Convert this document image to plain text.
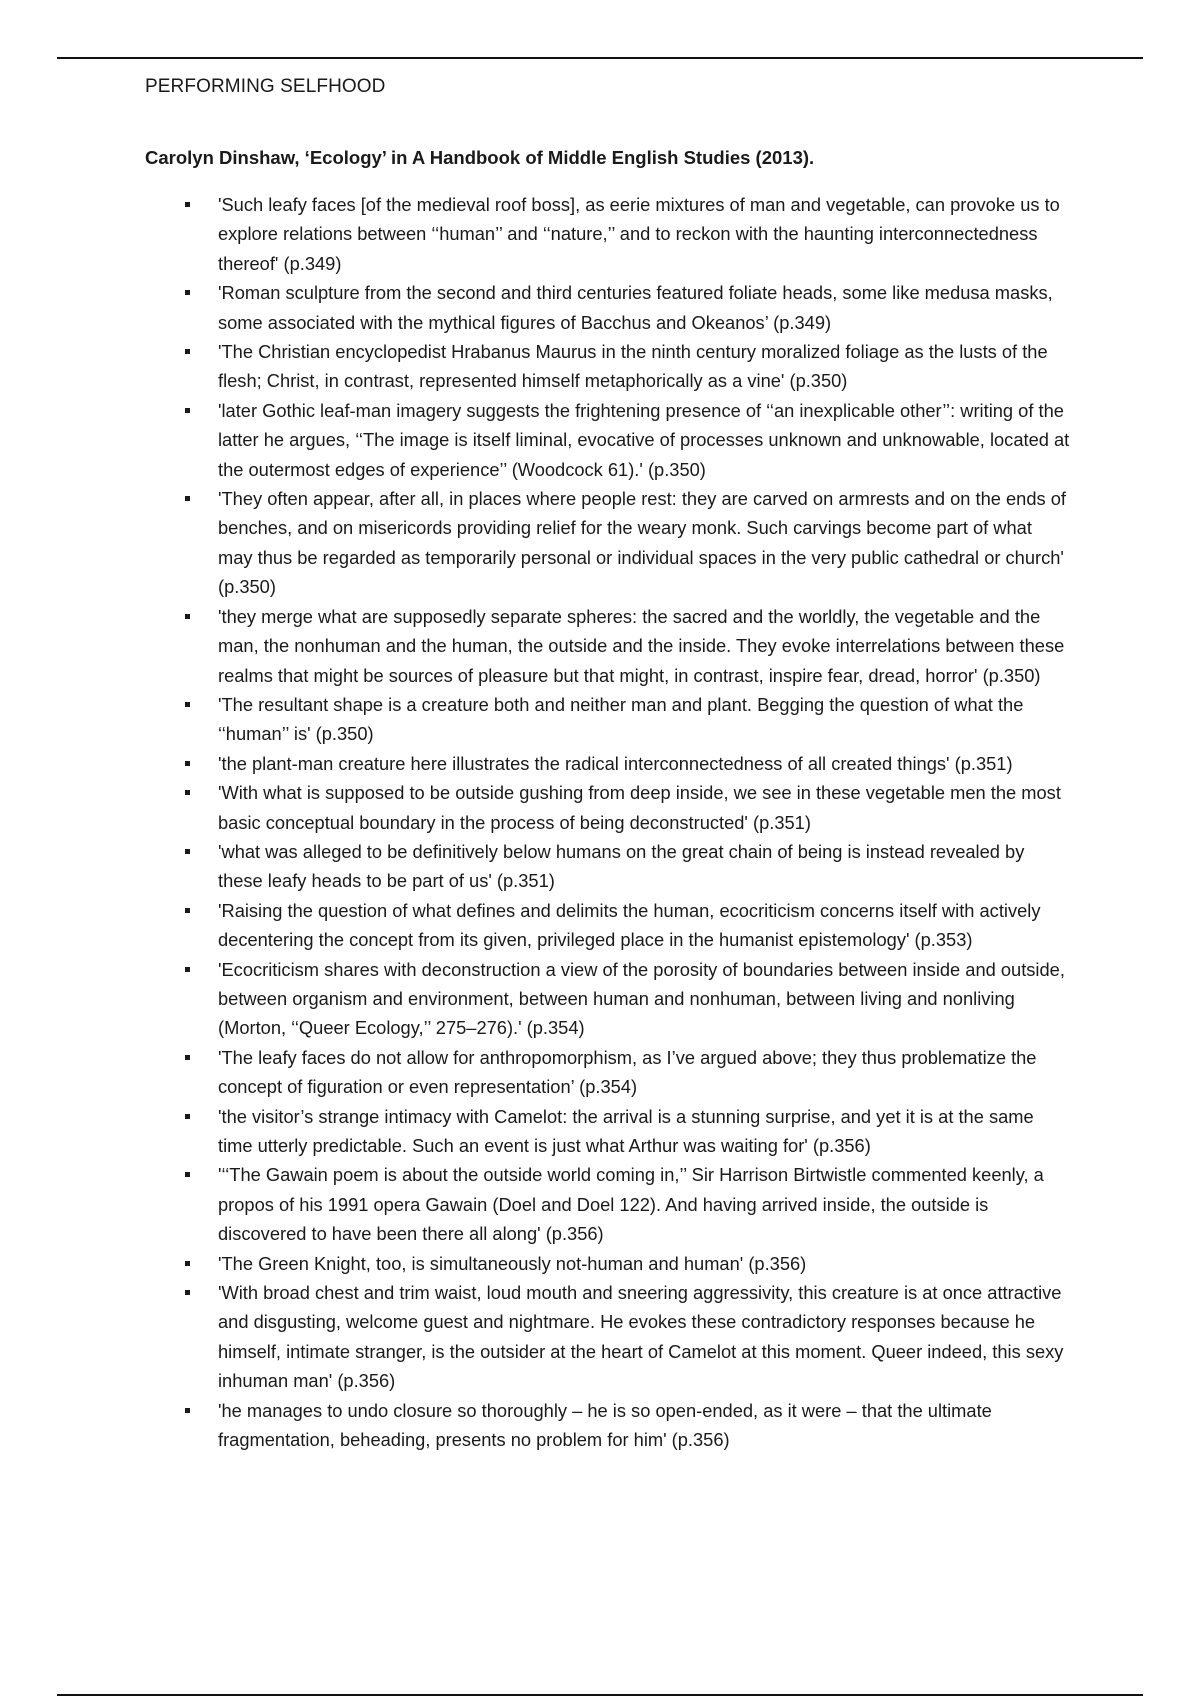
PERFORMING SELFHOOD
Carolyn Dinshaw, ‘Ecology’ in A Handbook of Middle English Studies (2013).
'Such leafy faces [of the medieval roof boss], as eerie mixtures of man and vegetable, can provoke us to explore relations between ‘‘human’’ and ‘‘nature,’’ and to reckon with the haunting interconnectedness thereof' (p.349)
'Roman sculpture from the second and third centuries featured foliate heads, some like medusa masks, some associated with the mythical figures of Bacchus and Okeanos’ (p.349)
'The Christian encyclopedist Hrabanus Maurus in the ninth century moralized foliage as the lusts of the flesh; Christ, in contrast, represented himself metaphorically as a vine' (p.350)
'later Gothic leaf-man imagery suggests the frightening presence of ‘‘an inexplicable other’’: writing of the latter he argues, ‘‘The image is itself liminal, evocative of processes unknown and unknowable, located at the outermost edges of experience’’ (Woodcock 61).' (p.350)
'They often appear, after all, in places where people rest: they are carved on armrests and on the ends of benches, and on misericords providing relief for the weary monk. Such carvings become part of what may thus be regarded as temporarily personal or individual spaces in the very public cathedral or church' (p.350)
'they merge what are supposedly separate spheres: the sacred and the worldly, the vegetable and the man, the nonhuman and the human, the outside and the inside. They evoke interrelations between these realms that might be sources of pleasure but that might, in contrast, inspire fear, dread, horror' (p.350)
'The resultant shape is a creature both and neither man and plant. Begging the question of what the ‘‘human’’ is' (p.350)
'the plant-man creature here illustrates the radical interconnectedness of all created things' (p.351)
'With what is supposed to be outside gushing from deep inside, we see in these vegetable men the most basic conceptual boundary in the process of being deconstructed' (p.351)
'what was alleged to be definitively below humans on the great chain of being is instead revealed by these leafy heads to be part of us' (p.351)
'Raising the question of what defines and delimits the human, ecocriticism concerns itself with actively decentering the concept from its given, privileged place in the humanist epistemology' (p.353)
'Ecocriticism shares with deconstruction a view of the porosity of boundaries between inside and outside, between organism and environment, between human and nonhuman, between living and nonliving (Morton, ‘‘Queer Ecology,’’ 275–276).' (p.354)
'The leafy faces do not allow for anthropomorphism, as I’ve argued above; they thus problematize the concept of figuration or even representation’ (p.354)
'the visitor’s strange intimacy with Camelot: the arrival is a stunning surprise, and yet it is at the same time utterly predictable. Such an event is just what Arthur was waiting for' (p.356)
'‘‘The Gawain poem is about the outside world coming in,’’ Sir Harrison Birtwistle commented keenly, a propos of his 1991 opera Gawain (Doel and Doel 122). And having arrived inside, the outside is discovered to have been there all along' (p.356)
'The Green Knight, too, is simultaneously not-human and human' (p.356)
'With broad chest and trim waist, loud mouth and sneering aggressivity, this creature is at once attractive and disgusting, welcome guest and nightmare. He evokes these contradictory responses because he himself, intimate stranger, is the outsider at the heart of Camelot at this moment. Queer indeed, this sexy inhuman man' (p.356)
'he manages to undo closure so thoroughly – he is so open-ended, as it were – that the ultimate fragmentation, beheading, presents no problem for him' (p.356)
